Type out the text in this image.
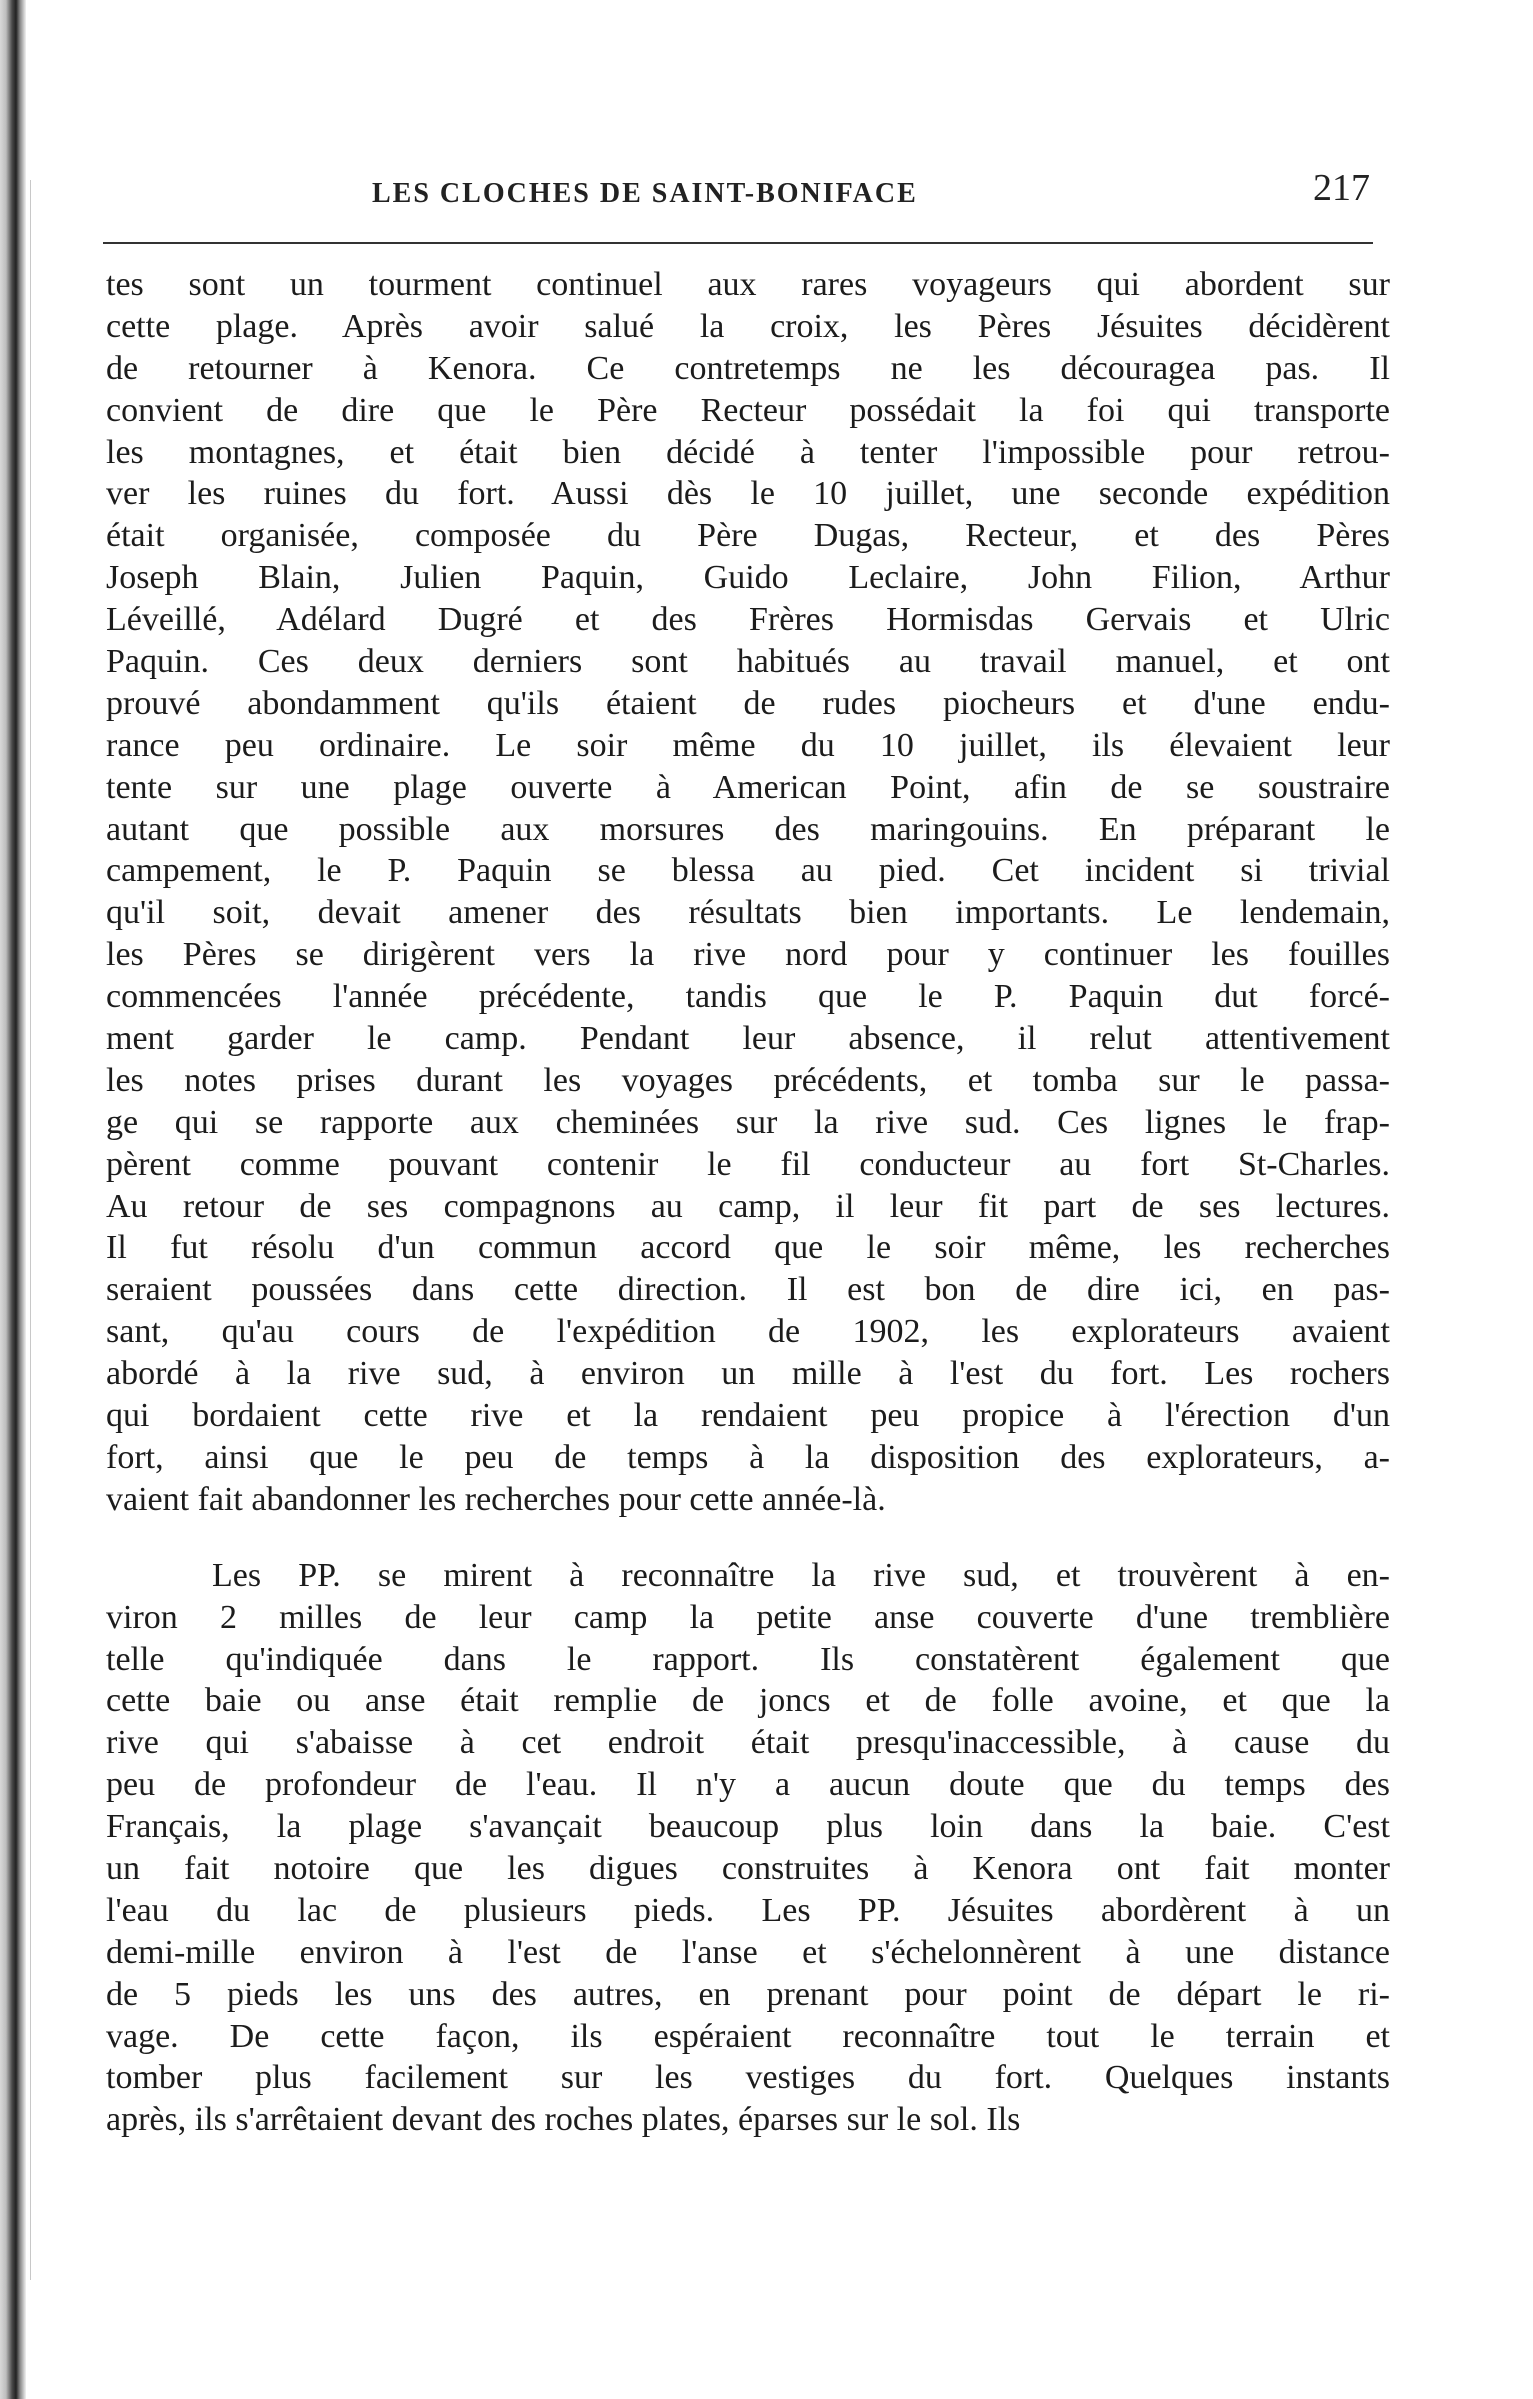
LES CLOCHES DE SAINT-BONIFACE	217
tes sont un tourment continuel aux rares voyageurs qui abordent sur
cette plage. Après avoir salué la croix, les Pères Jésuites décidèrent
de retourner à Kenora. Ce contretemps ne les découragea pas. Il
convient de dire que le Père Recteur possédait la foi qui transporte
les montagnes, et était bien décidé à tenter l'impossible pour retrou-
ver les ruines du fort. Aussi dès le 10 juillet, une seconde expédition
était organisée, composée du Père Dugas, Recteur, et des Pères
Joseph Blain, Julien Paquin, Guido Leclaire, John Filion, Arthur
Léveillé, Adélard Dugré et des Frères Hormisdas Gervais et Ulric
Paquin. Ces deux derniers sont habitués au travail manuel, et ont
prouvé abondamment qu'ils étaient de rudes piocheurs et d'une endu-
rance peu ordinaire. Le soir même du 10 juillet, ils élevaient leur
tente sur une plage ouverte à American Point, afin de se soustraire
autant que possible aux morsures des maringouins. En préparant le
campement, le P. Paquin se blessa au pied. Cet incident si trivial
qu'il soit, devait amener des résultats bien importants. Le lendemain,
les Pères se dirigèrent vers la rive nord pour y continuer les fouilles
commencées l'année précédente, tandis que le P. Paquin dut forcé-
ment garder le camp. Pendant leur absence, il relut attentivement
les notes prises durant les voyages précédents, et tomba sur le passa-
ge qui se rapporte aux cheminées sur la rive sud. Ces lignes le frap-
pèrent comme pouvant contenir le fil conducteur au fort St-Charles.
Au retour de ses compagnons au camp, il leur fit part de ses lectures.
Il fut résolu d'un commun accord que le soir même, les recherches
seraient poussées dans cette direction. Il est bon de dire ici, en pas-
sant, qu'au cours de l'expédition de 1902, les explorateurs avaient
abordé à la rive sud, à environ un mille à l'est du fort. Les rochers
qui bordaient cette rive et la rendaient peu propice à l'érection d'un
fort, ainsi que le peu de temps à la disposition des explorateurs, a-
vaient fait abandonner les recherches pour cette année-là.
Les PP. se mirent à reconnaître la rive sud, et trouvèrent à en-
viron 2 milles de leur camp la petite anse couverte d'une tremblière
telle qu'indiquée dans le rapport. Ils constatèrent également que
cette baie ou anse était remplie de joncs et de folle avoine, et que la
rive qui s'abaisse à cet endroit était presqu'inaccessible, à cause du
peu de profondeur de l'eau. Il n'y a aucun doute que du temps des
Français, la plage s'avançait beaucoup plus loin dans la baie. C'est
un fait notoire que les digues construites à Kenora ont fait monter
l'eau du lac de plusieurs pieds. Les PP. Jésuites abordèrent à un
demi-mille environ à l'est de l'anse et s'échelonnèrent à une distance
de 5 pieds les uns des autres, en prenant pour point de départ le ri-
vage. De cette façon, ils espéraient reconnaître tout le terrain et
tomber plus facilement sur les vestiges du fort. Quelques instants
après, ils s'arrêtaient devant des roches plates, éparses sur le sol. Ils
